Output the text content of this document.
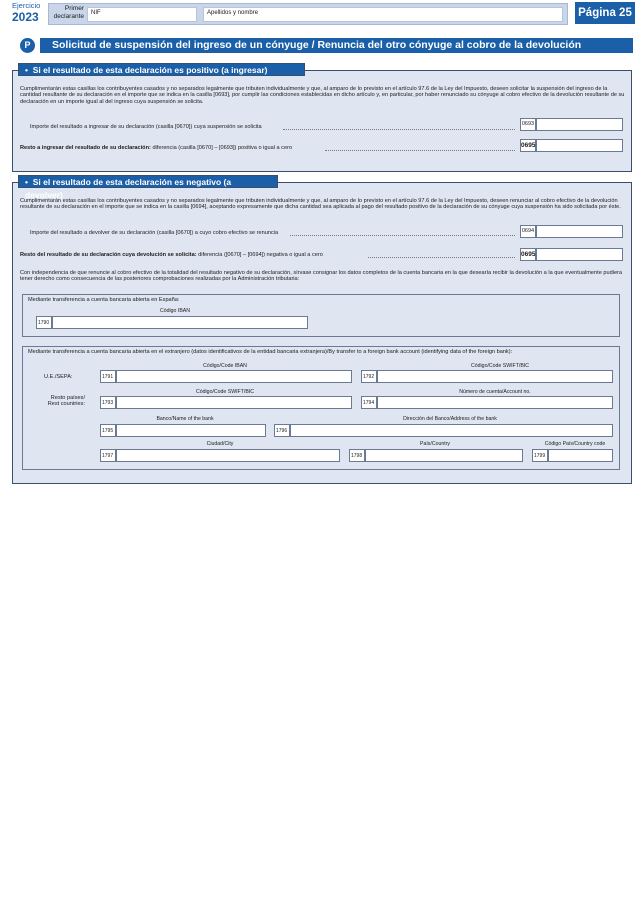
Ejercicio
2023
Primer declarante	NIF	Apellidos y nombre	Página 25
P	Solicitud de suspensión del ingreso de un cónyuge / Renuncia del otro cónyuge al cobro de la devolución
•  Si el resultado de esta declaración es positivo (a ingresar)
Cumplimentarán estas casillas los contribuyentes casados y no separados legalmente que tributen individualmente y que, al amparo de lo previsto en el artículo 97.6 de la Ley del Impuesto, deseen solicitar la suspensión del ingreso de la cantidad resultante de su declaración en el importe que se indica en la casilla [0693], por cumplir las condiciones establecidas en dicho artículo y, en particular, por haber renunciado su cónyuge al cobro efectivo de la devolución resultante de su declaración en un importe igual al del ingreso cuya suspensión se solicita.
Importe del resultado a ingresar de su declaración (casilla [0670]) cuya suspensión se solicita	0693
Resto a ingresar del resultado de su declaración: diferencia (casilla [0670] – [0693]) positiva o igual a cero	0695
•  Si el resultado de esta declaración es negativo (a devolver)
Cumplimentarán estas casillas los contribuyentes casados y no separados legalmente que tributen individualmente y que, al amparo de lo previsto en el artículo 97.6 de la Ley del Impuesto, deseen renunciar al cobro efectivo de la devolución resultante de su declaración en el importe que se indica en la casilla [0694], aceptando expresamente que dicha cantidad sea aplicada al pago del resultado positivo de la declaración de su cónyuge cuya suspensión ha sido solicitada por éste.
Importe del resultado a devolver de su declaración (casilla [0670]) a cuyo cobro efectivo se renuncia	0694
Resto del resultado de su declaración cuya devolución se solicita: diferencia ([0670] – [0694]) negativa o igual a cero	0695
Con independencia de que renuncie al cobro efectivo de la totalidad del resultado negativo de su declaración, sírvase consignar los datos completos de la cuenta bancaria en la que desearía recibir la devolución a la que eventualmente pudiera tener derecho como consecuencia de las posteriores comprobaciones realizadas por la Administración tributaria:
Mediante transferencia a cuenta bancaria abierta en España:
Código IBAN
1790
Mediante transferencia a cuenta bancaria abierta en el extranjero (datos identificativos de la entidad bancaria extranjera)/By transfer to a foreign bank account (identifying data of the foreign bank):
U.E./SEPA:
Código/Code IBAN
1791
Código/Code SWIFT/BIC
1792
Resto países/
Rest countries:
Código/Code SWIFT/BIC
1793
Número de cuenta/Account no.
1794
Banco/Name of the bank
1795
Dirección del Banco/Address of the bank
1796
Ciudad/City
1797
País/Country
1798
Código País/Country code
1799
